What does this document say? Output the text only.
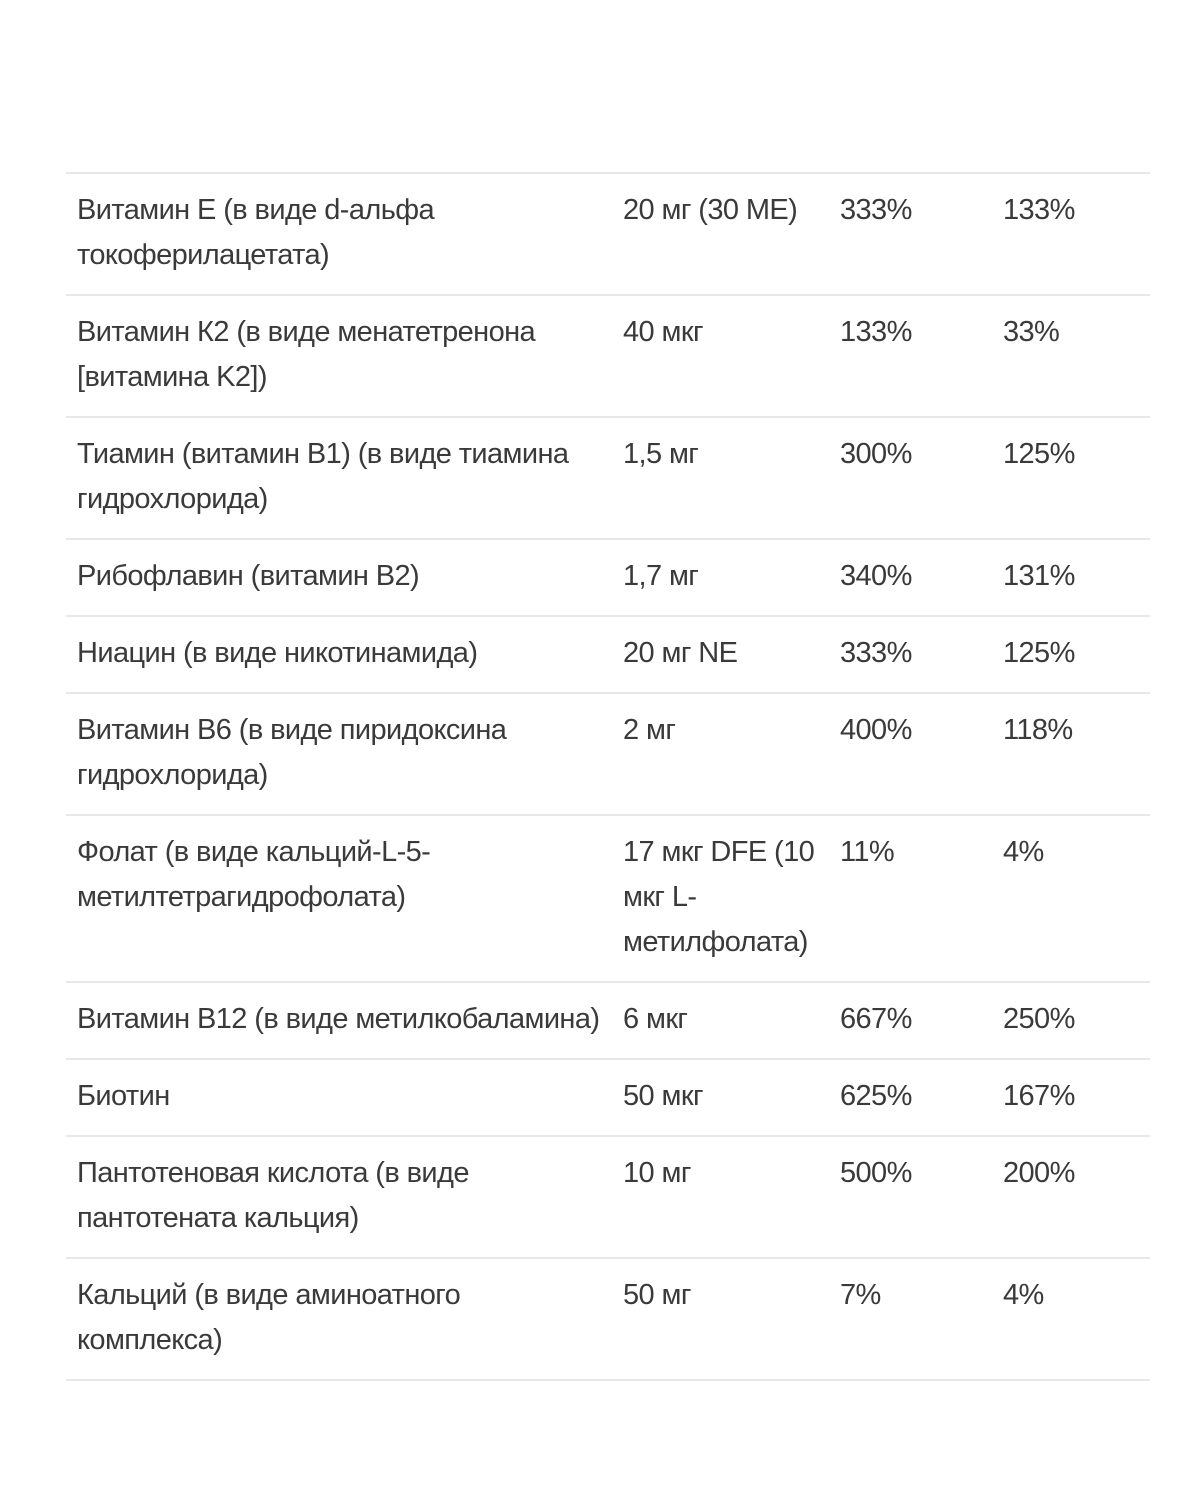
Витамин E (в виде d-альфа токоферилацетата)	20 мг (30 МЕ)	333%	133%
Витамин К2 (в виде менатетренона [витамина K2])	40 мкг	133%	33%
Тиамин (витамин B1) (в виде тиамина гидрохлорида)	1,5 мг	300%	125%
Рибофлавин (витамин B2)	1,7 мг	340%	131%
Ниацин (в виде никотинамида)	20 мг NE	333%	125%
Витамин B6 (в виде пиридоксина гидрохлорида)	2 мг	400%	118%
Фолат (в виде кальций-L-5-метилтетрагидрофолата)	17 мкг DFE (10 мкг L-метилфолата)	11%	4%
Витамин B12 (в виде метилкобаламина)	6 мкг	667%	250%
Биотин	50 мкг	625%	167%
Пантотеновая кислота (в виде пантотената кальция)	10 мг	500%	200%
Кальций (в виде аминоатного комплекса)	50 мг	7%	4%
